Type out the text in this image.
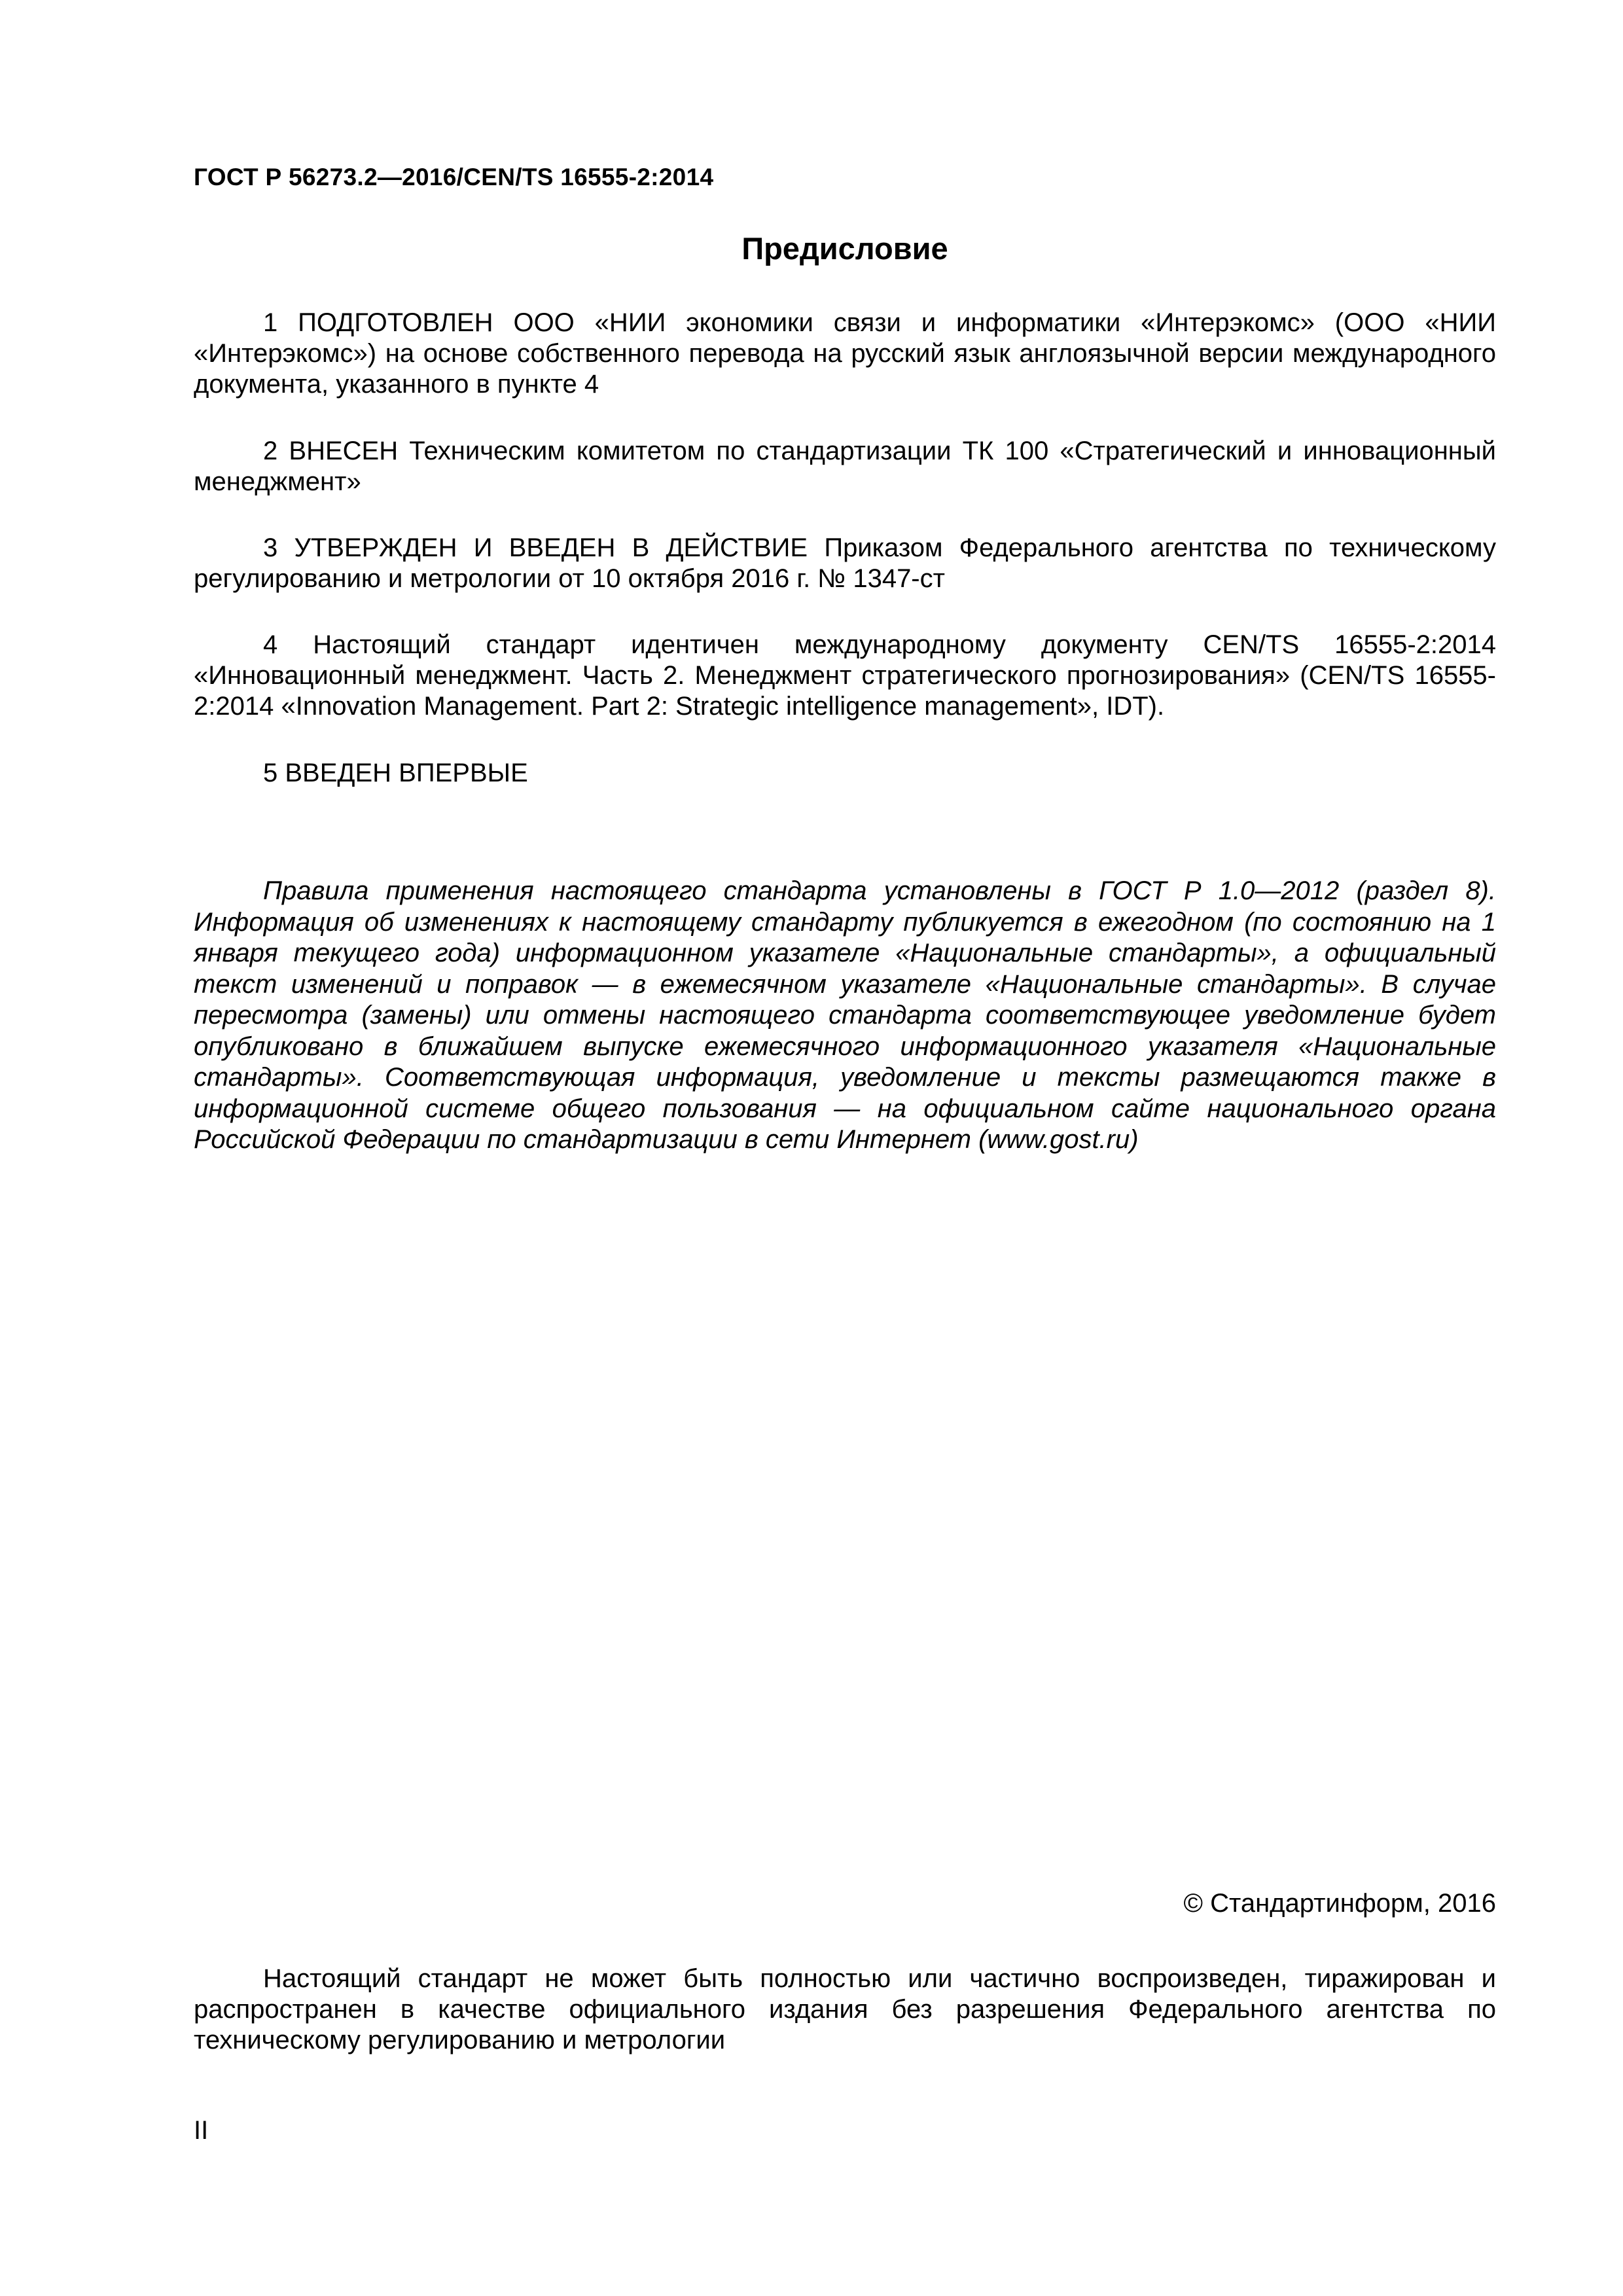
ГОСТ Р 56273.2—2016/CEN/TS 16555-2:2014
Предисловие
1 ПОДГОТОВЛЕН ООО «НИИ экономики связи и информатики «Интерэкомс» (ООО «НИИ «Интерэкомс») на основе собственного перевода на русский язык англоязычной версии международного документа, указанного в пункте 4
2 ВНЕСЕН Техническим комитетом по стандартизации ТК 100 «Стратегический и инновационный менеджмент»
3 УТВЕРЖДЕН И ВВЕДЕН В ДЕЙСТВИЕ Приказом Федерального агентства по техническому регулированию и метрологии от 10 октября 2016 г. № 1347-ст
4 Настоящий стандарт идентичен международному документу CEN/TS 16555-2:2014 «Инновационный менеджмент. Часть 2. Менеджмент стратегического прогнозирования» (CEN/TS 16555-2:2014 «Innovation Management. Part 2: Strategic intelligence management», IDT).
5 ВВЕДЕН ВПЕРВЫЕ
Правила применения настоящего стандарта установлены в ГОСТ Р 1.0—2012 (раздел 8). Информация об изменениях к настоящему стандарту публикуется в ежегодном (по состоянию на 1 января текущего года) информационном указателе «Национальные стандарты», а официальный текст изменений и поправок — в ежемесячном указателе «Национальные стандарты». В случае пересмотра (замены) или отмены настоящего стандарта соответствующее уведомление будет опубликовано в ближайшем выпуске ежемесячного информационного указателя «Национальные стандарты». Соответствующая информация, уведомление и тексты размещаются также в информационной системе общего пользования — на официальном сайте национального органа Российской Федерации по стандартизации в сети Интернет (www.gost.ru)
© Стандартинформ, 2016
Настоящий стандарт не может быть полностью или частично воспроизведен, тиражирован и распространен в качестве официального издания без разрешения Федерального агентства по техническому регулированию и метрологии
II
